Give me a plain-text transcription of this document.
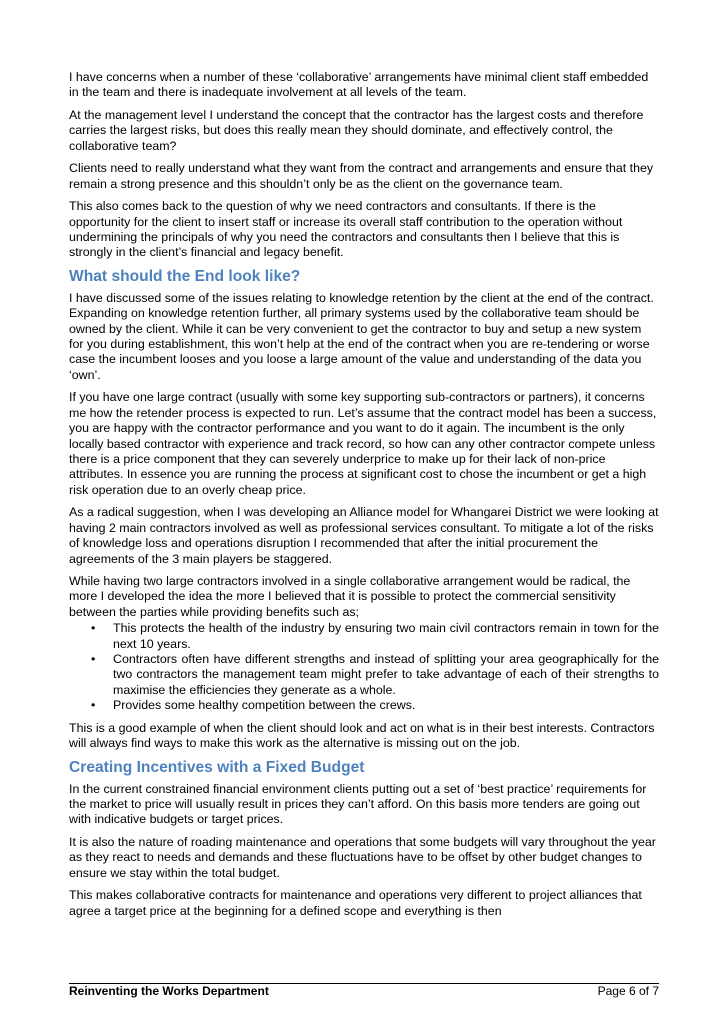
I have concerns when a number of these ‘collaborative’ arrangements have minimal client staff embedded in the team and there is inadequate involvement at all levels of the team.
At the management level I understand the concept that the contractor has the largest costs and therefore carries the largest risks, but does this really mean they should dominate, and effectively control, the collaborative team?
Clients need to really understand what they want from the contract and arrangements and ensure that they remain a strong presence and this shouldn’t only be as the client on the governance team.
This also comes back to the question of why we need contractors and consultants. If there is the opportunity for the client to insert staff or increase its overall staff contribution to the operation without undermining the principals of why you need the contractors and consultants then I believe that this is strongly in the client’s financial and legacy benefit.
What should the End look like?
I have discussed some of the issues relating to knowledge retention by the client at the end of the contract. Expanding on knowledge retention further, all primary systems used by the collaborative team should be owned by the client. While it can be very convenient to get the contractor to buy and setup a new system for you during establishment, this won’t help at the end of the contract when you are re-tendering or worse case the incumbent looses and you loose a large amount of the value and understanding of the data you ‘own’.
If you have one large contract (usually with some key supporting sub-contractors or partners), it concerns me how the retender process is expected to run. Let’s assume that the contract model has been a success, you are happy with the contractor performance and you want to do it again. The incumbent is the only locally based contractor with experience and track record, so how can any other contractor compete unless there is a price component that they can severely underprice to make up for their lack of non-price attributes. In essence you are running the process at significant cost to chose the incumbent or get a high risk operation due to an overly cheap price.
As a radical suggestion, when I was developing an Alliance model for Whangarei District we were looking at having 2 main contractors involved as well as professional services consultant. To mitigate a lot of the risks of knowledge loss and operations disruption I recommended that after the initial procurement the agreements of the 3 main players be staggered.
While having two large contractors involved in a single collaborative arrangement would be radical, the more I developed the idea the more I believed that it is possible to protect the commercial sensitivity between the parties while providing benefits such as;
• This protects the health of the industry by ensuring two main civil contractors remain in town for the next 10 years.
• Contractors often have different strengths and instead of splitting your area geographically for the two contractors the management team might prefer to take advantage of each of their strengths to maximise the efficiencies they generate as a whole.
• Provides some healthy competition between the crews.
This is a good example of when the client should look and act on what is in their best interests. Contractors will always find ways to make this work as the alternative is missing out on the job.
Creating Incentives with a Fixed Budget
In the current constrained financial environment clients putting out a set of ‘best practice’ requirements for the market to price will usually result in prices they can’t afford. On this basis more tenders are going out with indicative budgets or target prices.
It is also the nature of roading maintenance and operations that some budgets will vary throughout the year as they react to needs and demands and these fluctuations have to be offset by other budget changes to ensure we stay within the total budget.
This makes collaborative contracts for maintenance and operations very different to project alliances that agree a target price at the beginning for a defined scope and everything is then
Reinventing the Works Department	Page 6 of 7
